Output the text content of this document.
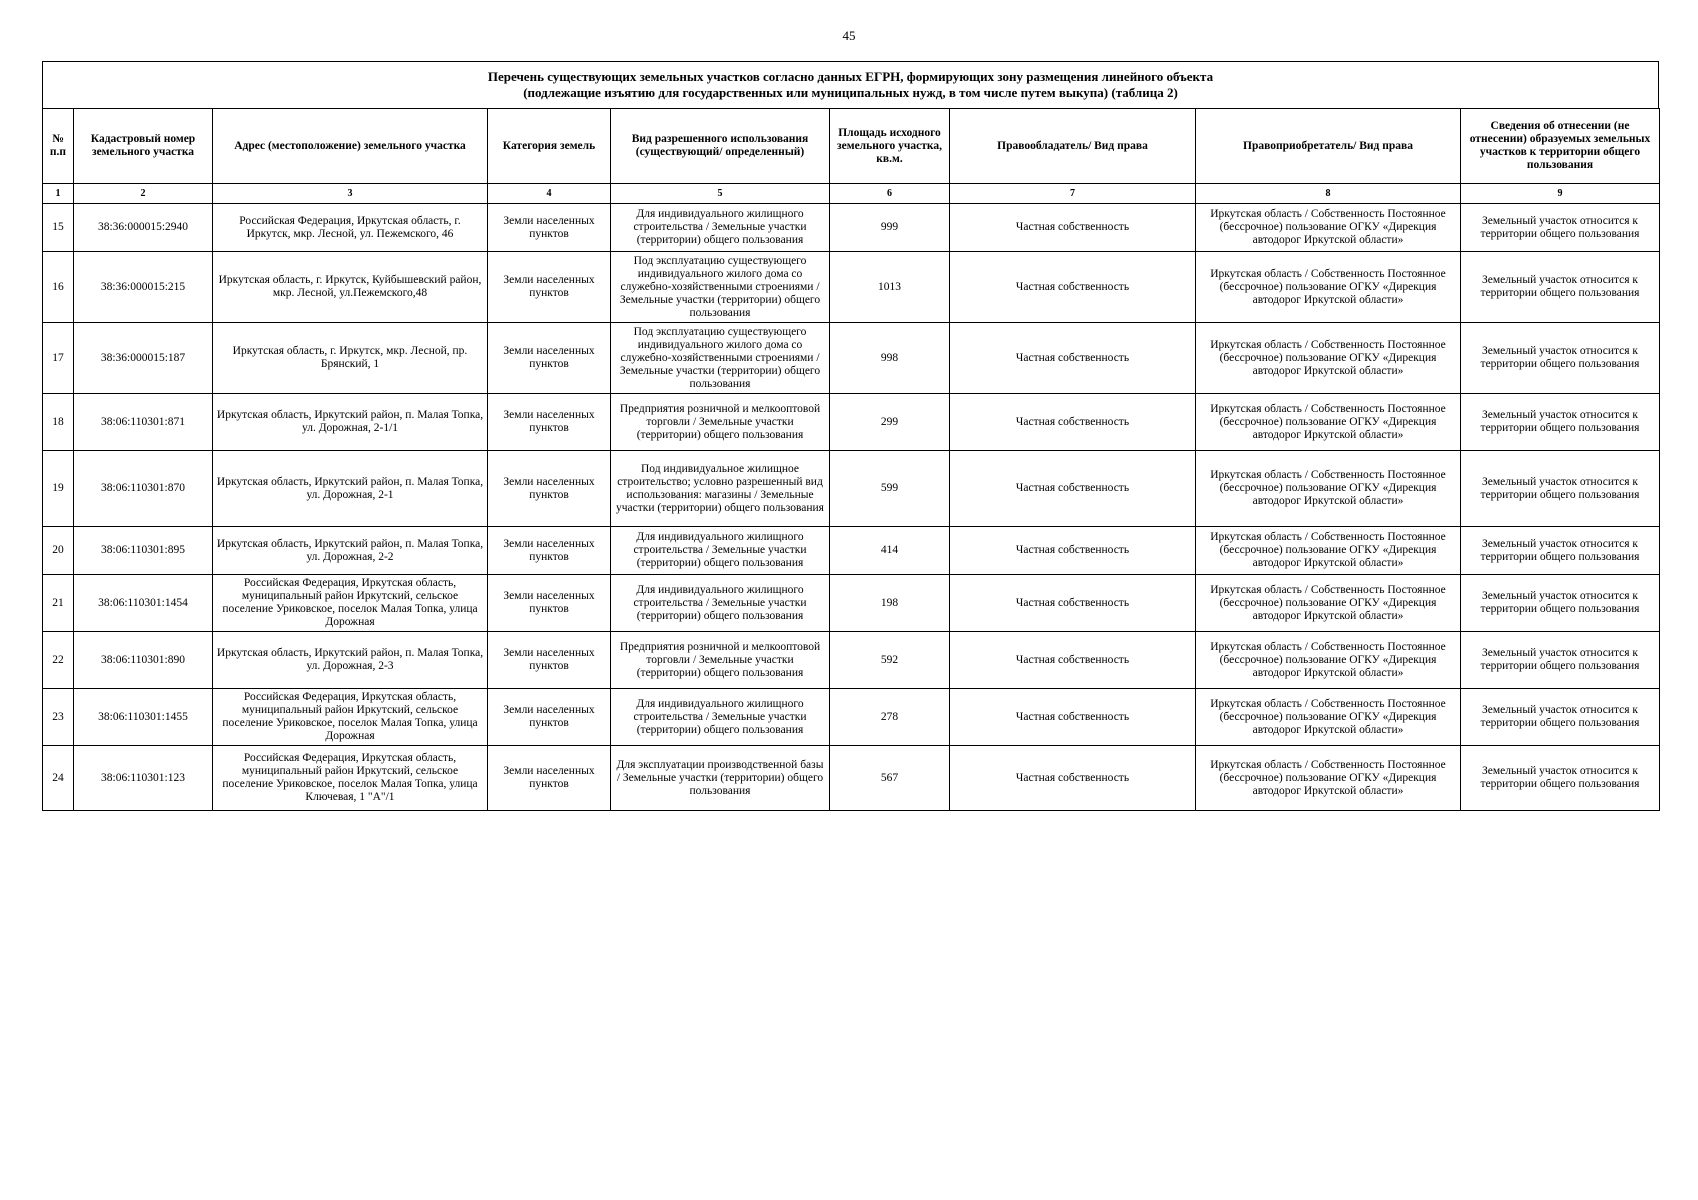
45
Перечень существующих земельных участков согласно данных ЕГРН, формирующих зону размещения линейного объекта
(подлежащие изъятию для государственных или муниципальных нужд, в том числе путем выкупа) (таблица 2)
№ п.п	Кадастровый номер земельного участка	Адрес (местоположение) земельного участка	Категория земель	Вид разрешенного использования (существующий/ определенный)	Площадь исходного земельного участка, кв.м.	Правообладатель/ Вид права	Правоприобретатель/ Вид права	Сведения об отнесении (не отнесении) образуемых земельных участков к территории общего пользования
1	2	3	4	5	6	7	8	9
15	38:36:000015:2940	Российская Федерация, Иркутская область, г. Иркутск, мкр. Лесной, ул. Пежемского, 46	Земли населенных пунктов	Для индивидуального жилищного строительства / Земельные участки (территории) общего пользования	999	Частная собственность	Иркутская область / Собственность Постоянное (бессрочное) пользование ОГКУ «Дирекция автодорог Иркутской области»	Земельный участок относится к территории общего пользования
16	38:36:000015:215	Иркутская область, г. Иркутск, Куйбышевский район, мкр. Лесной, ул.Пежемского,48	Земли населенных пунктов	Под эксплуатацию существующего индивидуального жилого дома со служебно-хозяйственными строениями / Земельные участки (территории) общего пользования	1013	Частная собственность	Иркутская область / Собственность Постоянное (бессрочное) пользование ОГКУ «Дирекция автодорог Иркутской области»	Земельный участок относится к территории общего пользования
17	38:36:000015:187	Иркутская область, г. Иркутск, мкр. Лесной, пр. Брянский, 1	Земли населенных пунктов	Под эксплуатацию существующего индивидуального жилого дома со служебно-хозяйственными строениями / Земельные участки (территории) общего пользования	998	Частная собственность	Иркутская область / Собственность Постоянное (бессрочное) пользование ОГКУ «Дирекция автодорог Иркутской области»	Земельный участок относится к территории общего пользования
18	38:06:110301:871	Иркутская область, Иркутский район, п. Малая Топка, ул. Дорожная, 2-1/1	Земли населенных пунктов	Предприятия розничной и мелкооптовой торговли / Земельные участки (территории) общего пользования	299	Частная собственность	Иркутская область / Собственность Постоянное (бессрочное) пользование ОГКУ «Дирекция автодорог Иркутской области»	Земельный участок относится к территории общего пользования
19	38:06:110301:870	Иркутская область, Иркутский район, п. Малая Топка, ул. Дорожная, 2-1	Земли населенных пунктов	Под индивидуальное жилищное строительство; условно разрешенный вид использования: магазины / Земельные участки (территории) общего пользования	599	Частная собственность	Иркутская область / Собственность Постоянное (бессрочное) пользование ОГКУ «Дирекция автодорог Иркутской области»	Земельный участок относится к территории общего пользования
20	38:06:110301:895	Иркутская область, Иркутский район, п. Малая Топка, ул. Дорожная, 2-2	Земли населенных пунктов	Для индивидуального жилищного строительства / Земельные участки (территории) общего пользования	414	Частная собственность	Иркутская область / Собственность Постоянное (бессрочное) пользование ОГКУ «Дирекция автодорог Иркутской области»	Земельный участок относится к территории общего пользования
21	38:06:110301:1454	Российская Федерация, Иркутская область, муниципальный район Иркутский, сельское поселение Уриковское, поселок Малая Топка, улица Дорожная	Земли населенных пунктов	Для индивидуального жилищного строительства / Земельные участки (территории) общего пользования	198	Частная собственность	Иркутская область / Собственность Постоянное (бессрочное) пользование ОГКУ «Дирекция автодорог Иркутской области»	Земельный участок относится к территории общего пользования
22	38:06:110301:890	Иркутская область, Иркутский район, п. Малая Топка, ул. Дорожная, 2-3	Земли населенных пунктов	Предприятия розничной и мелкооптовой торговли / Земельные участки (территории) общего пользования	592	Частная собственность	Иркутская область / Собственность Постоянное (бессрочное) пользование ОГКУ «Дирекция автодорог Иркутской области»	Земельный участок относится к территории общего пользования
23	38:06:110301:1455	Российская Федерация, Иркутская область, муниципальный район Иркутский, сельское поселение Уриковское, поселок Малая Топка, улица Дорожная	Земли населенных пунктов	Для индивидуального жилищного строительства / Земельные участки (территории) общего пользования	278	Частная собственность	Иркутская область / Собственность Постоянное (бессрочное) пользование ОГКУ «Дирекция автодорог Иркутской области»	Земельный участок относится к территории общего пользования
24	38:06:110301:123	Российская Федерация, Иркутская область, муниципальный район Иркутский, сельское поселение Уриковское, поселок Малая Топка, улица Ключевая, 1 "А"/1	Земли населенных пунктов	Для эксплуатации производственной базы / Земельные участки (территории) общего пользования	567	Частная собственность	Иркутская область / Собственность Постоянное (бессрочное) пользование ОГКУ «Дирекция автодорог Иркутской области»	Земельный участок относится к территории общего пользования
